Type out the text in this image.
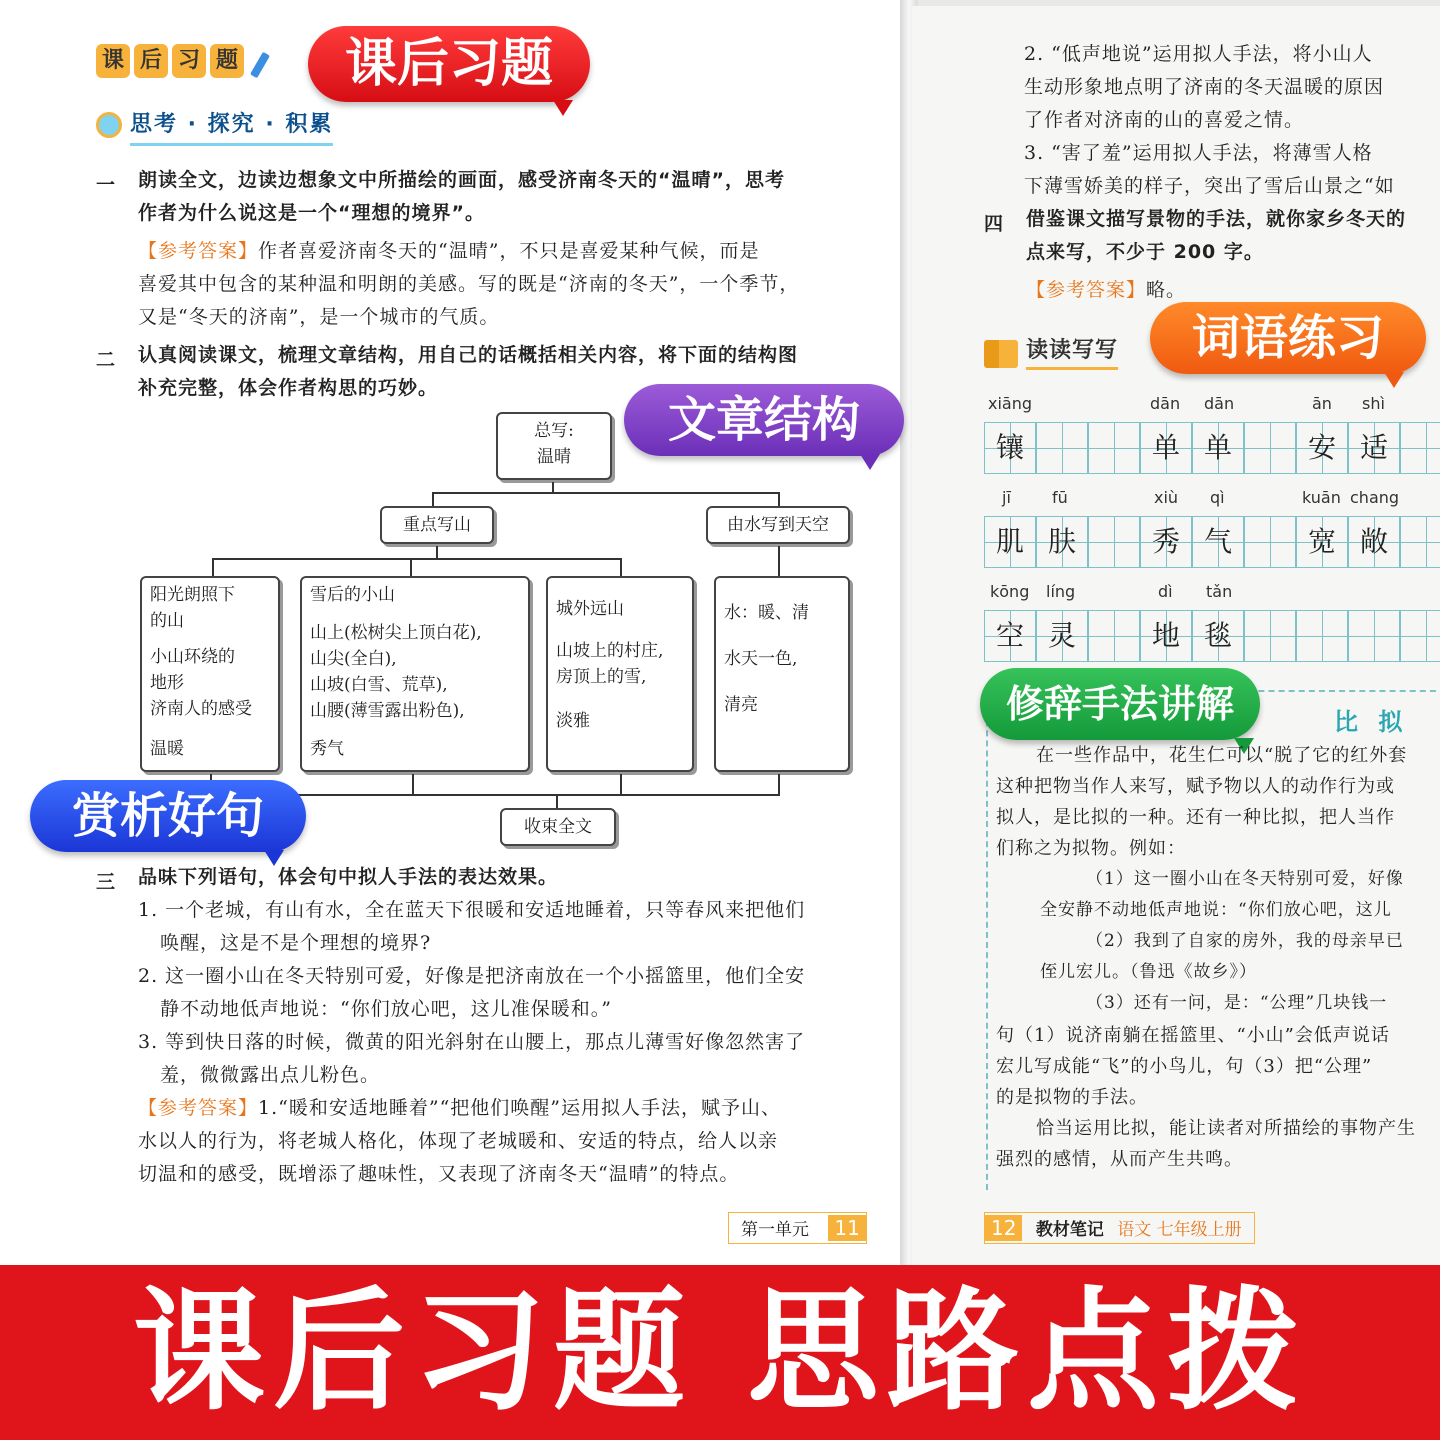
课 后 习 题	课后习题
思考 · 探究 · 积累
一 朗读全文，边读边想象文中所描绘的画面，感受济南冬天的“温晴”，思考
作者为什么说这是一个“理想的境界”。
【参考答案】作者喜爱济南冬天的“温晴”，不只是喜爱某种气候，而是
喜爱其中包含的某种温和明朗的美感。写的既是“济南的冬天”，一个季节，
又是“冬天的济南”，是一个城市的气质。
二 认真阅读课文，梳理文章结构，用自己的话概括相关内容，将下面的结构图
补充完整，体会作者构思的巧妙。
文章结构
总写:
温晴
重点写山	由水写到天空
阳光朗照下
的山
小山环绕的
地形
济南人的感受
温暖
雪后的小山
山上(松树尖上顶白花),
山尖(全白),
山坡(白雪、荒草),
山腰(薄雪露出粉色),
秀气
城外远山
山坡上的村庄,
房顶上的雪,
淡雅
水：暖、清
水天一色,
清亮
收束全文
赏析好句
三 品味下列语句，体会句中拟人手法的表达效果。
1. 一个老城，有山有水，全在蓝天下很暖和安适地睡着，只等春风来把他们
唤醒，这是不是个理想的境界?
2. 这一圈小山在冬天特别可爱，好像是把济南放在一个小摇篮里，他们全安
静不动地低声地说：“你们放心吧，这儿准保暖和。”
3. 等到快日落的时候，微黄的阳光斜射在山腰上，那点儿薄雪好像忽然害了
羞，微微露出点儿粉色。
【参考答案】1.“暖和安适地睡着”“把他们唤醒”运用拟人手法，赋予山、
水以人的行为，将老城人格化，体现了老城暖和、安适的特点，给人以亲
切温和的感受，既增添了趣味性，又表现了济南冬天“温晴”的特点。
第一单元 11
2. “低声地说”运用拟人手法，将小山人
生动形象地点明了济南的冬天温暖的原因
了作者对济南的山的喜爱之情。
3. “害了羞”运用拟人手法，将薄雪人格
下薄雪娇美的样子，突出了雪后山景之“如
四 借鉴课文描写景物的手法，就你家乡冬天的
点来写，不少于 200 字。
【参考答案】略。
读读写写	词语练习
xiāng	dān dān	ān shì
镶	单 单	安 适
jī	fū	xiù qì	kuān chang
肌 肤	秀 气	宽 敞
kōng líng	dì tǎn
空 灵	地 毯
修辞手法讲解	比 拟
在一些作品中，花生仁可以“脱了它的红外套
这种把物当作人来写，赋予物以人的动作行为或
拟人，是比拟的一种。还有一种比拟，把人当作
们称之为拟物。例如：
（1）这一圈小山在冬天特别可爱，好像
全安静不动地低声地说：“你们放心吧，这儿
（2）我到了自家的房外，我的母亲早已
侄儿宏儿。（鲁迅《故乡》）
（3）还有一问，是：“公理”几块钱一
句（1）说济南躺在摇篮里、“小山”会低声说话
宏儿写成能“飞”的小鸟儿，句（3）把“公理”
的是拟物的手法。
恰当运用比拟，能让读者对所描绘的事物产生
强烈的感情，从而产生共鸣。
12 教材笔记 语文 七年级上册
课后习题 思路点拨
